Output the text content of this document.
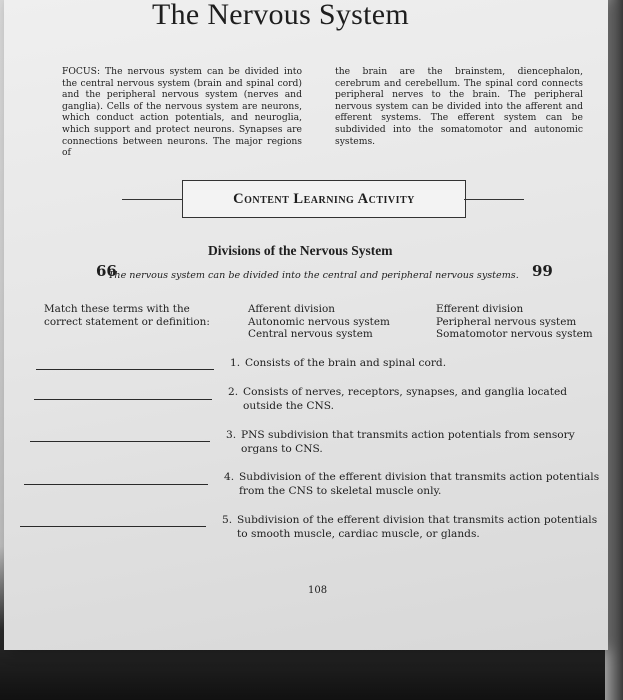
The Nervous System
FOCUS: The nervous system can be divided into the central nervous system (brain and spinal cord) and the peripheral nervous system (nerves and ganglia). Cells of the nervous system are neurons, which conduct action potentials, and neuroglia, which support and protect neurons. Synapses are connections between neurons. The major regions of
the brain are the brainstem, diencephalon, cerebrum and cerebellum. The spinal cord connects peripheral nerves to the brain. The peripheral nervous system can be divided into the afferent and efferent systems. The efferent system can be subdivided into the somatomotor and autonomic systems.
Content Learning Activity
Divisions of the Nervous System
66
The nervous system can be divided into the central and peripheral nervous systems. 99
Match these terms with the correct statement or definition:
Afferent division
Autonomic nervous system
Central nervous system
Efferent division
Peripheral nervous system
Somatomotor nervous system
1. Consists of the brain and spinal cord.
2. Consists of nerves, receptors, synapses, and ganglia located outside the CNS.
3. PNS subdivision that transmits action potentials from sensory organs to CNS.
4. Subdivision of the efferent division that transmits action potentials from the CNS to skeletal muscle only.
5. Subdivision of the efferent division that transmits action potentials to smooth muscle, cardiac muscle, or glands.
108
